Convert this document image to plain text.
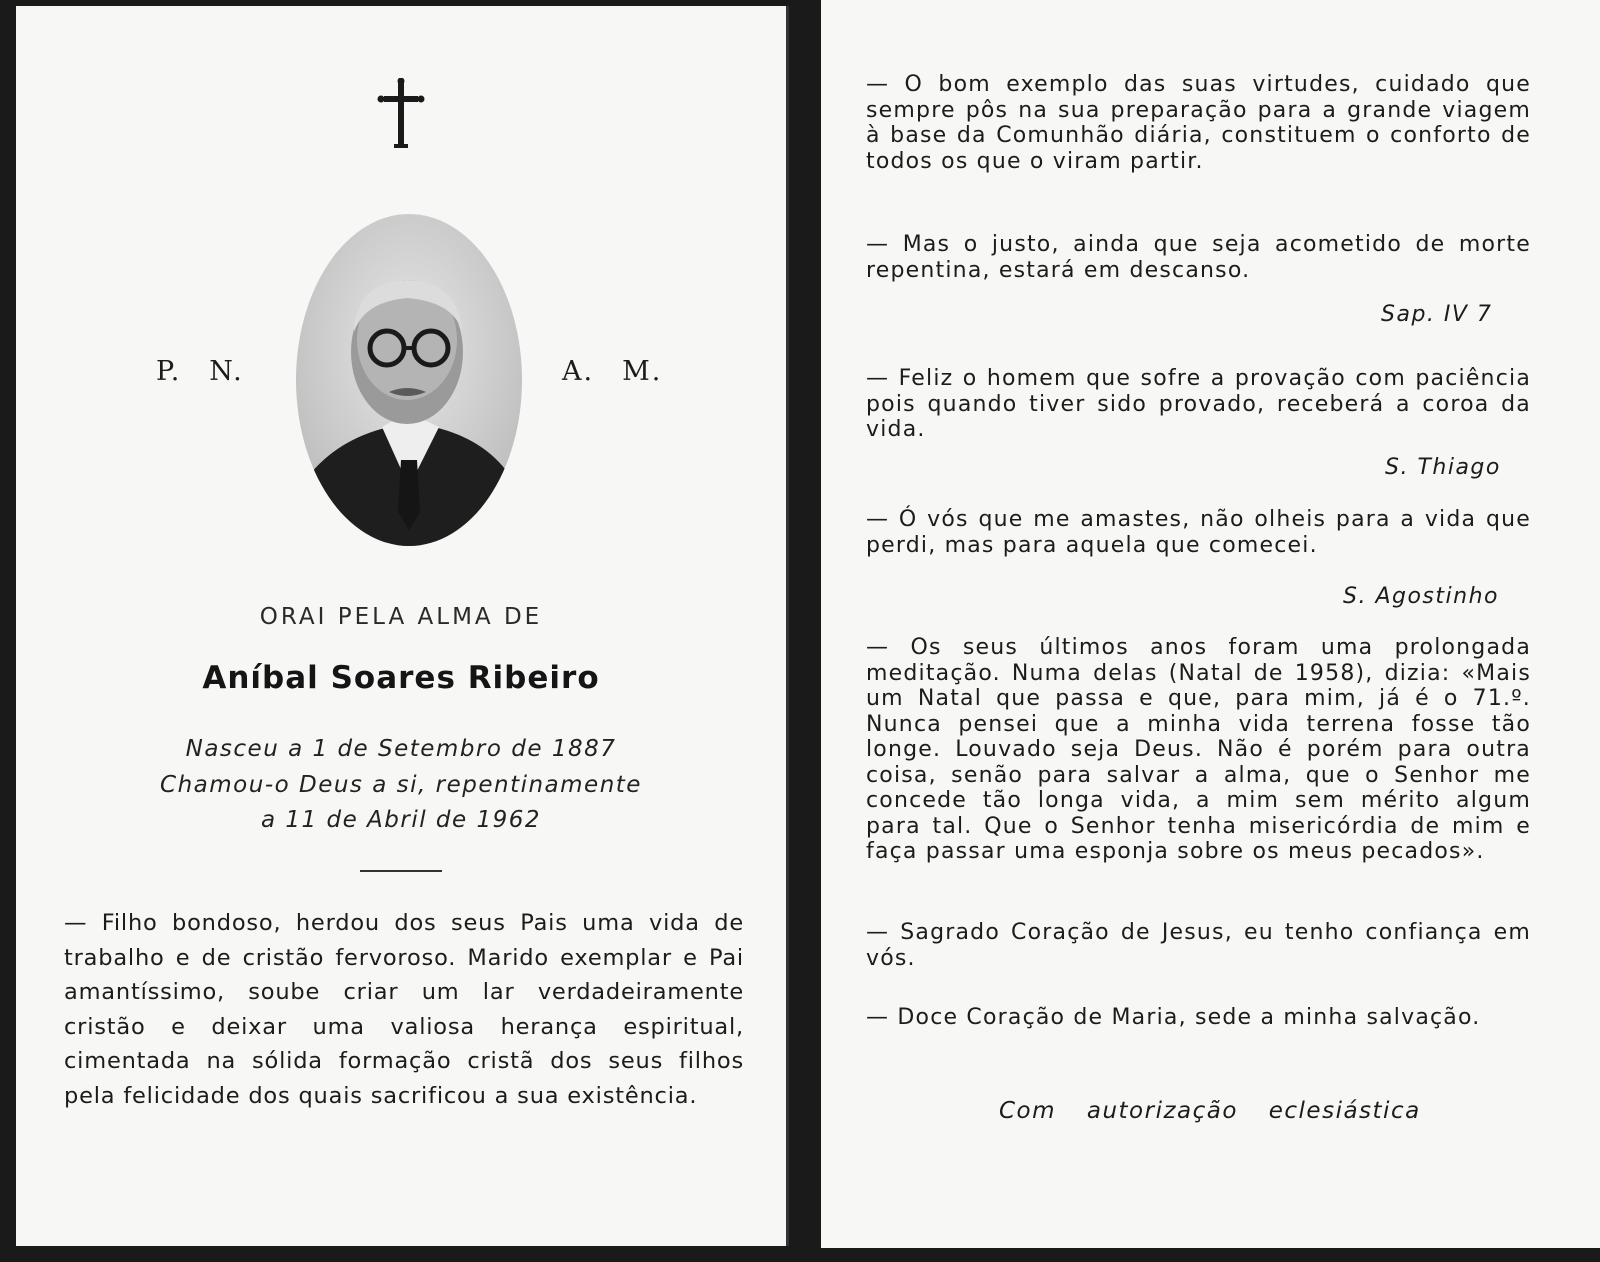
P. N.	A. M.
ORAI PELA ALMA DE
Aníbal Soares Ribeiro
Nasceu a 1 de Setembro de 1887
Chamou-o Deus a si, repentinamente
a 11 de Abril de 1962
— Filho bondoso, herdou dos seus Pais uma vida de trabalho e de cristão fervoroso. Marido exemplar e Pai amantíssimo, soube criar um lar verdadeiramente cristão e deixar uma valiosa herança espiritual, cimentada na sólida formação cristã dos seus filhos pela felicidade dos quais sacrificou a sua existência.
— O bom exemplo das suas virtudes, cuidado que sempre pôs na sua preparação para a grande viagem à base da Comunhão diária, constituem o conforto de todos os que o viram partir.
— Mas o justo, ainda que seja acometido de morte repentina, estará em descanso.
Sap. IV 7
— Feliz o homem que sofre a provação com paciência pois quando tiver sido provado, receberá a coroa da vida.
S. Thiago
— Ó vós que me amastes, não olheis para a vida que perdi, mas para aquela que comecei.
S. Agostinho
— Os seus últimos anos foram uma prolongada meditação. Numa delas (Natal de 1958), dizia: «Mais um Natal que passa e que, para mim, já é o 71.º. Nunca pensei que a minha vida terrena fosse tão longe. Louvado seja Deus. Não é porém para outra coisa, senão para salvar a alma, que o Senhor me concede tão longa vida, a mim sem mérito algum para tal. Que o Senhor tenha misericórdia de mim e faça passar uma esponja sobre os meus pecados».
— Sagrado Coração de Jesus, eu tenho confiança em vós.
— Doce Coração de Maria, sede a minha salvação.
Com autorização eclesiástica
